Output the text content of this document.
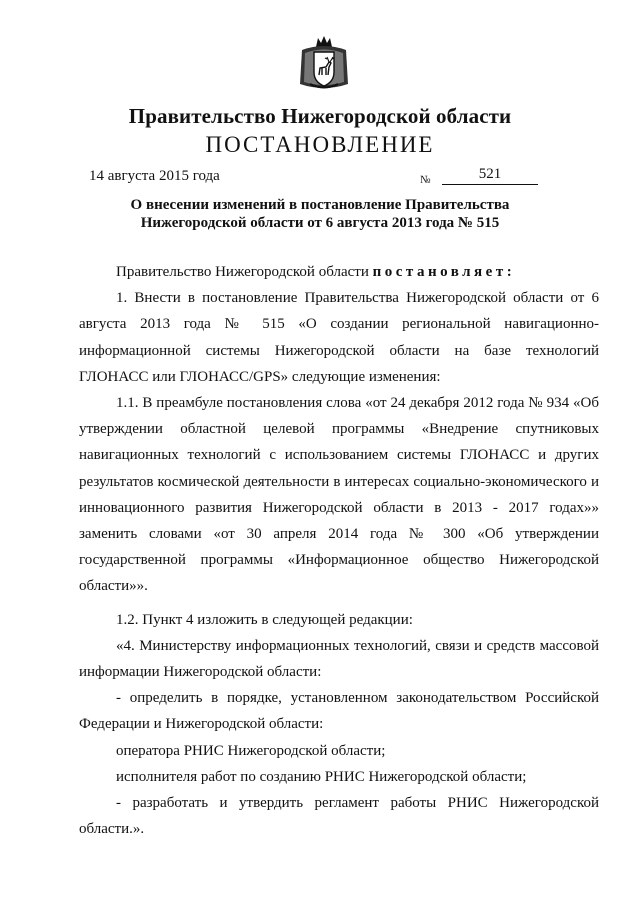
Правительство Нижегородской области
ПОСТАНОВЛЕНИЕ
14 августа 2015 года	№	521
О внесении изменений в постановление Правительства
Нижегородской области от 6 августа 2013 года № 515

Правительство Нижегородской области постановляет:

1. Внести в постановление Правительства Нижегородской области от 6 августа 2013 года № 515 «О создании региональной навигационно-информационной системы Нижегородской области на базе технологий ГЛОНАСС или ГЛОНАСС/GPS» следующие изменения:

1.1. В преамбуле постановления слова «от 24 декабря 2012 года № 934 «Об утверждении областной целевой программы «Внедрение спутниковых навигационных технологий с использованием системы ГЛОНАСС и других результатов космической деятельности в интересах социально-экономического и инновационного развития Нижегородской области в 2013 - 2017 годах»» заменить словами «от 30 апреля 2014 года № 300 «Об утверждении государственной программы «Информационное общество Нижегородской области»».

1.2. Пункт 4 изложить в следующей редакции:

«4. Министерству информационных технологий, связи и средств массовой информации Нижегородской области:

- определить в порядке, установленном законодательством Российской Федерации и Нижегородской области:

оператора РНИС Нижегородской области;

исполнителя работ по созданию РНИС Нижегородской области;

- разработать и утвердить регламент работы РНИС Нижегородской области.».
